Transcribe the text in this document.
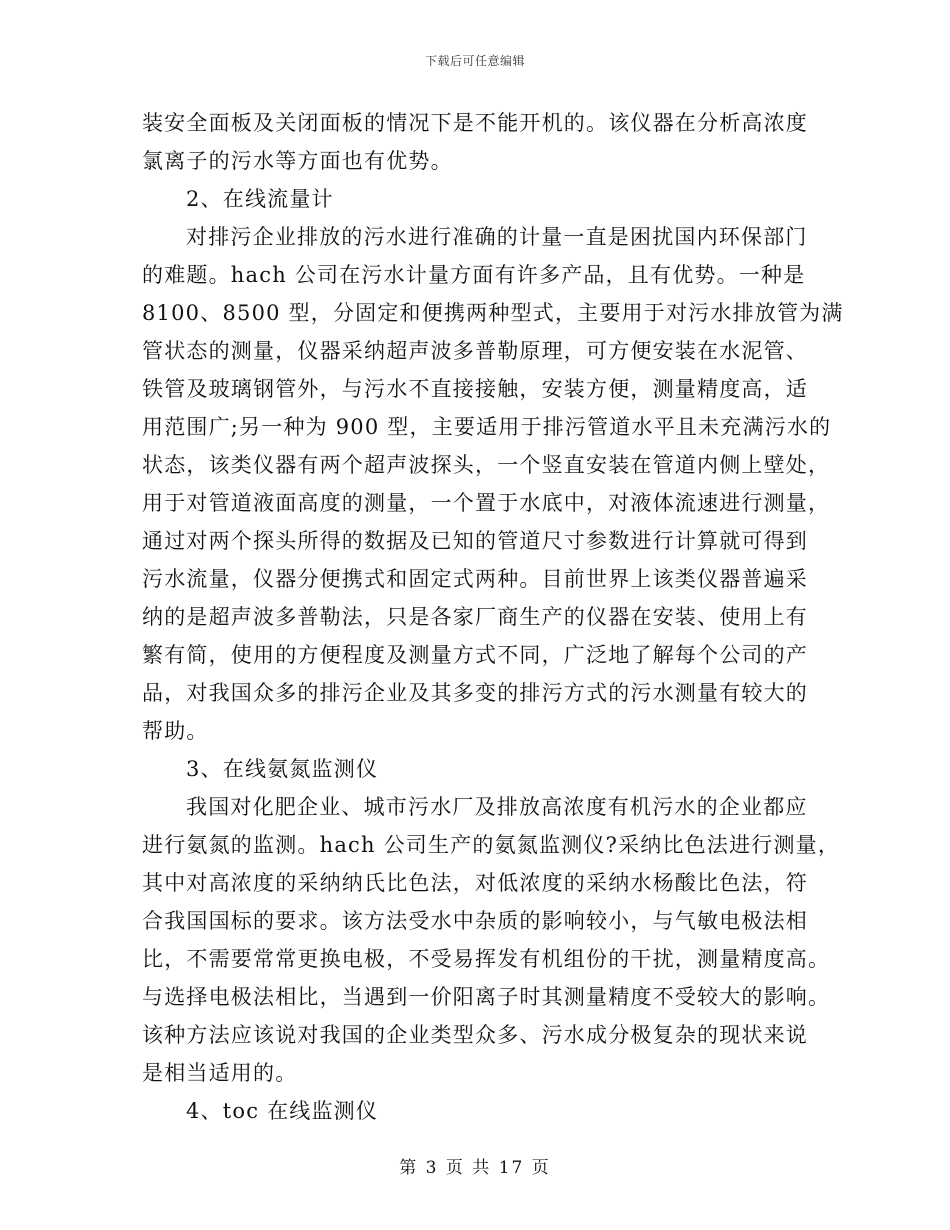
下载后可任意编辑
装安全面板及关闭面板的情况下是不能开机的。该仪器在分析高浓度
氯离子的污水等方面也有优势。
2、在线流量计
对排污企业排放的污水进行准确的计量一直是困扰国内环保部门
的难题。hach 公司在污水计量方面有许多产品，且有优势。一种是
8100、8500 型，分固定和便携两种型式，主要用于对污水排放管为满
管状态的测量，仪器采纳超声波多普勒原理，可方便安装在水泥管、
铁管及玻璃钢管外，与污水不直接接触，安装方便，测量精度高，适
用范围广;另一种为 900 型，主要适用于排污管道水平且未充满污水的
状态，该类仪器有两个超声波探头，一个竖直安装在管道内侧上壁处，
用于对管道液面高度的测量，一个置于水底中，对液体流速进行测量，
通过对两个探头所得的数据及已知的管道尺寸参数进行计算就可得到
污水流量，仪器分便携式和固定式两种。目前世界上该类仪器普遍采
纳的是超声波多普勒法，只是各家厂商生产的仪器在安装、使用上有
繁有简，使用的方便程度及测量方式不同，广泛地了解每个公司的产
品，对我国众多的排污企业及其多变的排污方式的污水测量有较大的
帮助。
3、在线氨氮监测仪
我国对化肥企业、城市污水厂及排放高浓度有机污水的企业都应
进行氨氮的监测。hach 公司生产的氨氮监测仪?采纳比色法进行测量，
其中对高浓度的采纳纳氏比色法，对低浓度的采纳水杨酸比色法，符
合我国国标的要求。该方法受水中杂质的影响较小，与气敏电极法相
比，不需要常常更换电极，不受易挥发有机组份的干扰，测量精度高。
与选择电极法相比，当遇到一价阳离子时其测量精度不受较大的影响。
该种方法应该说对我国的企业类型众多、污水成分极复杂的现状来说
是相当适用的。
4、toc 在线监测仪
第 3 页 共 17 页
